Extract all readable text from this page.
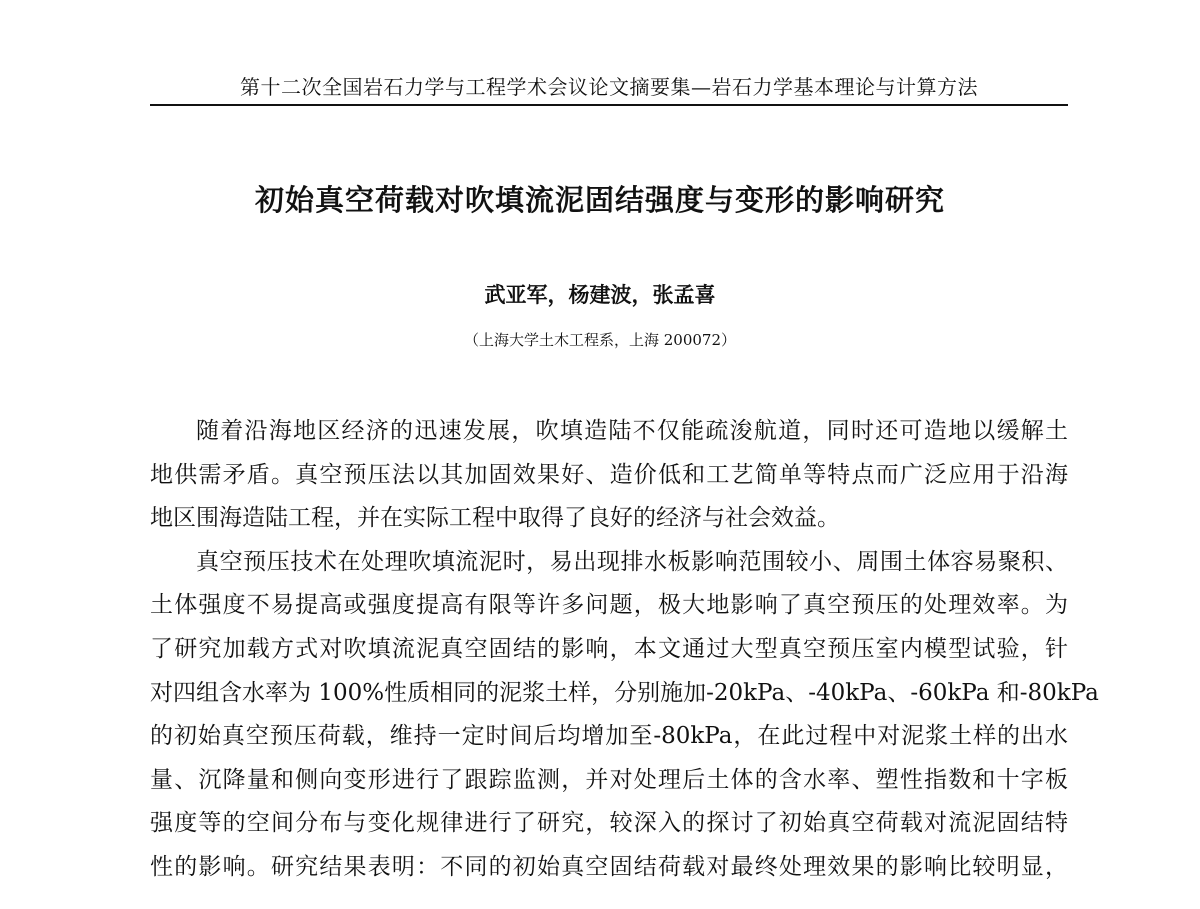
第十二次全国岩石力学与工程学术会议论文摘要集—岩石力学基本理论与计算方法
初始真空荷载对吹填流泥固结强度与变形的影响研究
武亚军，杨建波，张孟喜
（上海大学土木工程系，上海 200072）
随着沿海地区经济的迅速发展，吹填造陆不仅能疏浚航道，同时还可造地以缓解土
地供需矛盾。真空预压法以其加固效果好、造价低和工艺简单等特点而广泛应用于沿海
地区围海造陆工程，并在实际工程中取得了良好的经济与社会效益。
真空预压技术在处理吹填流泥时，易出现排水板影响范围较小、周围土体容易聚积、
土体强度不易提高或强度提高有限等许多问题，极大地影响了真空预压的处理效率。为
了研究加载方式对吹填流泥真空固结的影响，本文通过大型真空预压室内模型试验，针
对四组含水率为 100%性质相同的泥浆土样，分别施加-20kPa、-40kPa、-60kPa 和-80kPa
的初始真空预压荷载，维持一定时间后均增加至-80kPa，在此过程中对泥浆土样的出水
量、沉降量和侧向变形进行了跟踪监测，并对处理后土体的含水率、塑性指数和十字板
强度等的空间分布与变化规律进行了研究，较深入的探讨了初始真空荷载对流泥固结特
性的影响。研究结果表明：不同的初始真空固结荷载对最终处理效果的影响比较明显，
